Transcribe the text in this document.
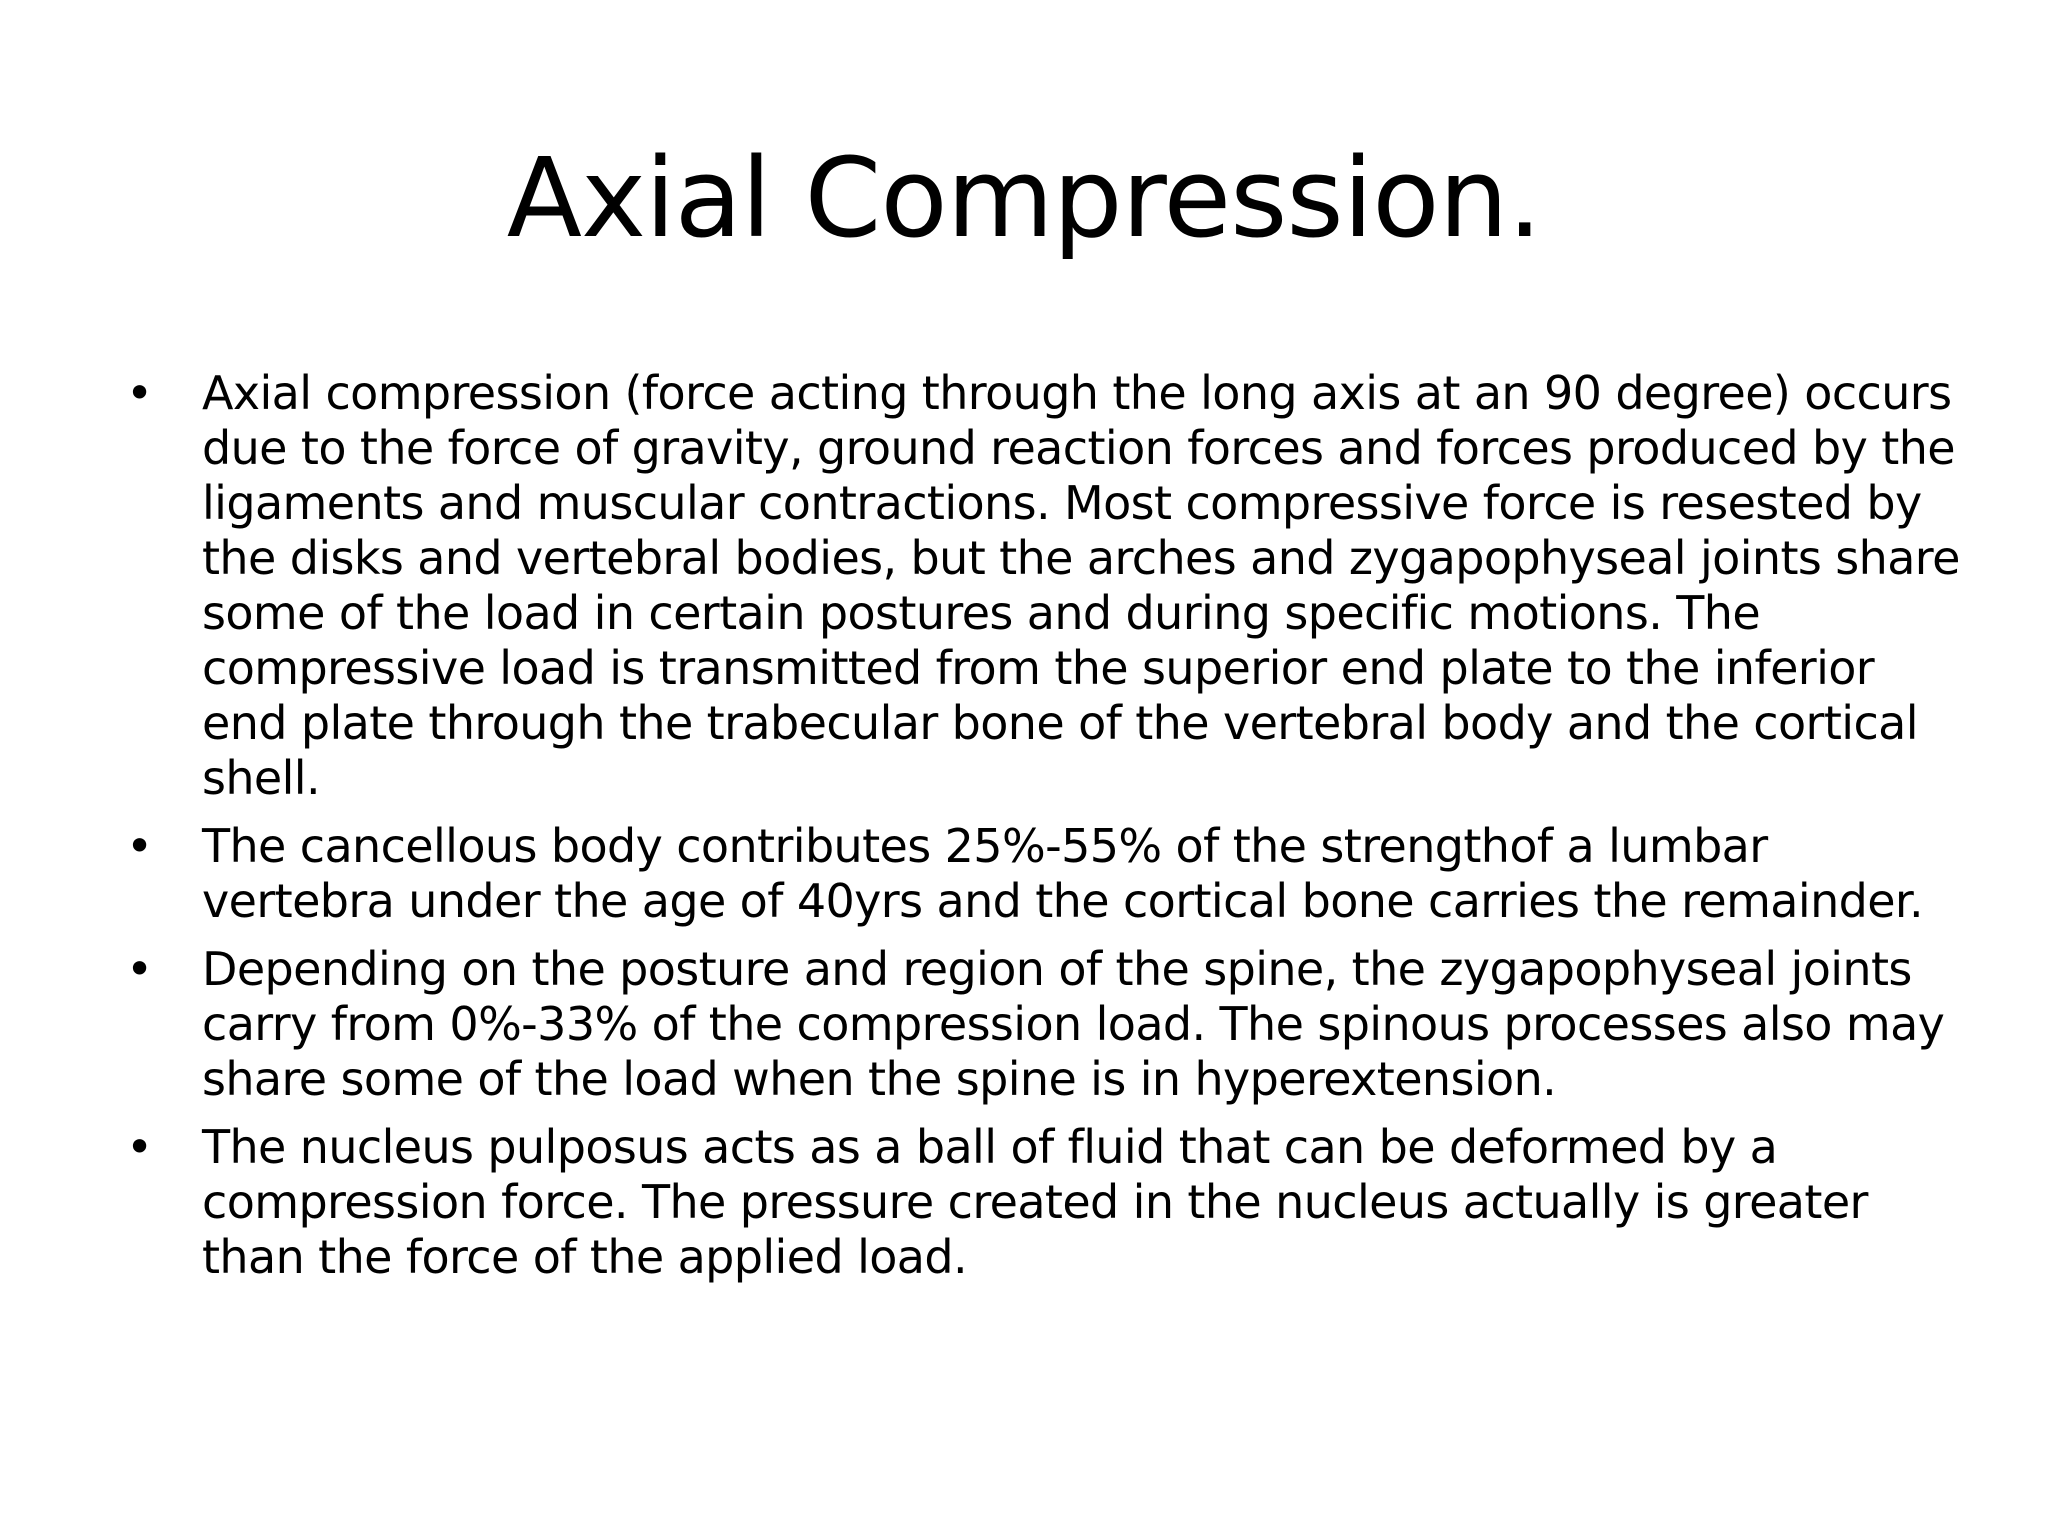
Axial Compression.
• Axial compression (force acting through the long axis at an 90 degree) occurs due to the force of gravity, ground reaction forces and forces produced by the ligaments and muscular contractions. Most compressive force is resested by the disks and vertebral bodies, but the arches and zygapophyseal joints share some of the load in certain postures and during specific motions. The compressive load is transmitted from the superior end plate to the inferior end plate through the trabecular bone of the vertebral body and the cortical shell.
• The cancellous body contributes 25%-55% of the strengthof a lumbar vertebra under the age of 40yrs and the cortical bone carries the remainder.
• Depending on the posture and region of the spine, the zygapophyseal joints carry from 0%-33% of the compression load. The spinous processes also may share some of the load when the spine is in hyperextension.
• The nucleus pulposus acts as a ball of fluid that can be deformed by a compression force. The pressure created in the nucleus actually is greater than the force of the applied load.
